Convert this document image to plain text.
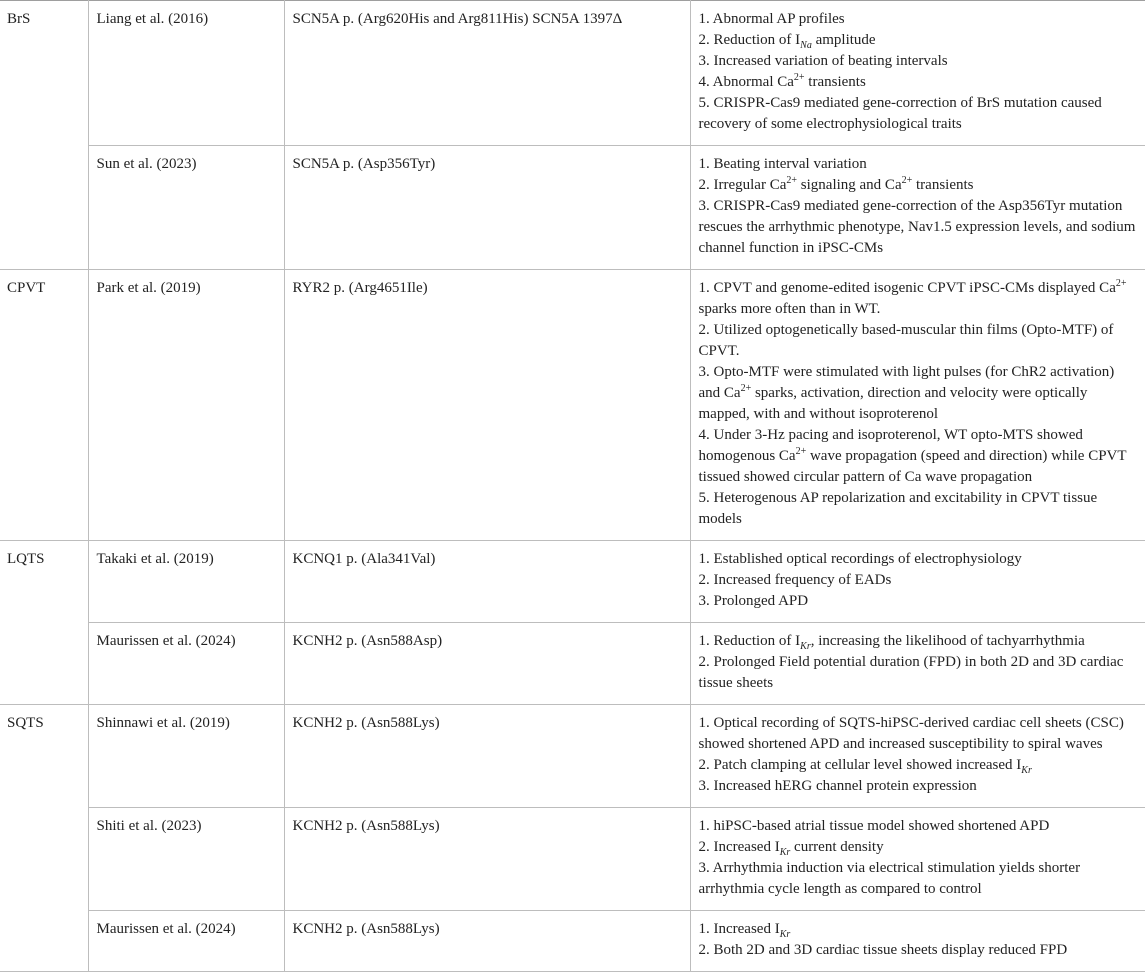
BrS	Liang et al. (2016)	SCN5A p. (Arg620His and Arg811His) SCN5A 1397Δ	1. Abnormal AP profiles
2. Reduction of $I_{Na}$ amplitude
3. Increased variation of beating intervals
4. Abnormal $Ca^{2+}$ transients
5. CRISPR-Cas9 mediated gene-correction of BrS mutation caused recovery of some electrophysiological traits

	Sun et al. (2023)	SCN5A p. (Asp356Tyr)	1. Beating interval variation
2. Irregular $Ca^{2+}$ signaling and $Ca^{2+}$ transients
3. CRISPR-Cas9 mediated gene-correction of the Asp356Tyr mutation rescues the arrhythmic phenotype, Nav1.5 expression levels, and sodium channel function in iPSC-CMs

CPVT	Park et al. (2019)	RYR2 p. (Arg4651Ile)	1. CPVT and genome-edited isogenic CPVT iPSC-CMs displayed $Ca^{2+}$ sparks more often than in WT.
2. Utilized optogenetically based-muscular thin films (Opto-MTF) of CPVT.
3. Opto-MTF were stimulated with light pulses (for ChR2 activation) and $Ca^{2+}$ sparks, activation, direction and velocity were optically mapped, with and without isoproterenol
4. Under 3-Hz pacing and isoproterenol, WT opto-MTS showed homogenous $Ca^{2+}$ wave propagation (speed and direction) while CPVT tissued showed circular pattern of Ca wave propagation
5. Heterogenous AP repolarization and excitability in CPVT tissue models

LQTS	Takaki et al. (2019)	KCNQ1 p. (Ala341Val)	1. Established optical recordings of electrophysiology
2. Increased frequency of EADs
3. Prolonged APD

	Maurissen et al. (2024)	KCNH2 p. (Asn588Asp)	1. Reduction of $I_{Kr}$, increasing the likelihood of tachyarrhythmia
2. Prolonged Field potential duration (FPD) in both 2D and 3D cardiac tissue sheets

SQTS	Shinnawi et al. (2019)	KCNH2 p. (Asn588Lys)	1. Optical recording of SQTS-hiPSC-derived cardiac cell sheets (CSC) showed shortened APD and increased susceptibility to spiral waves
2. Patch clamping at cellular level showed increased $I_{Kr}$
3. Increased hERG channel protein expression

	Shiti et al. (2023)	KCNH2 p. (Asn588Lys)	1. hiPSC-based atrial tissue model showed shortened APD
2. Increased $I_{Kr}$ current density
3. Arrhythmia induction via electrical stimulation yields shorter arrhythmia cycle length as compared to control

	Maurissen et al. (2024)	KCNH2 p. (Asn588Lys)	1. Increased $I_{Kr}$
2. Both 2D and 3D cardiac tissue sheets display reduced FPD
